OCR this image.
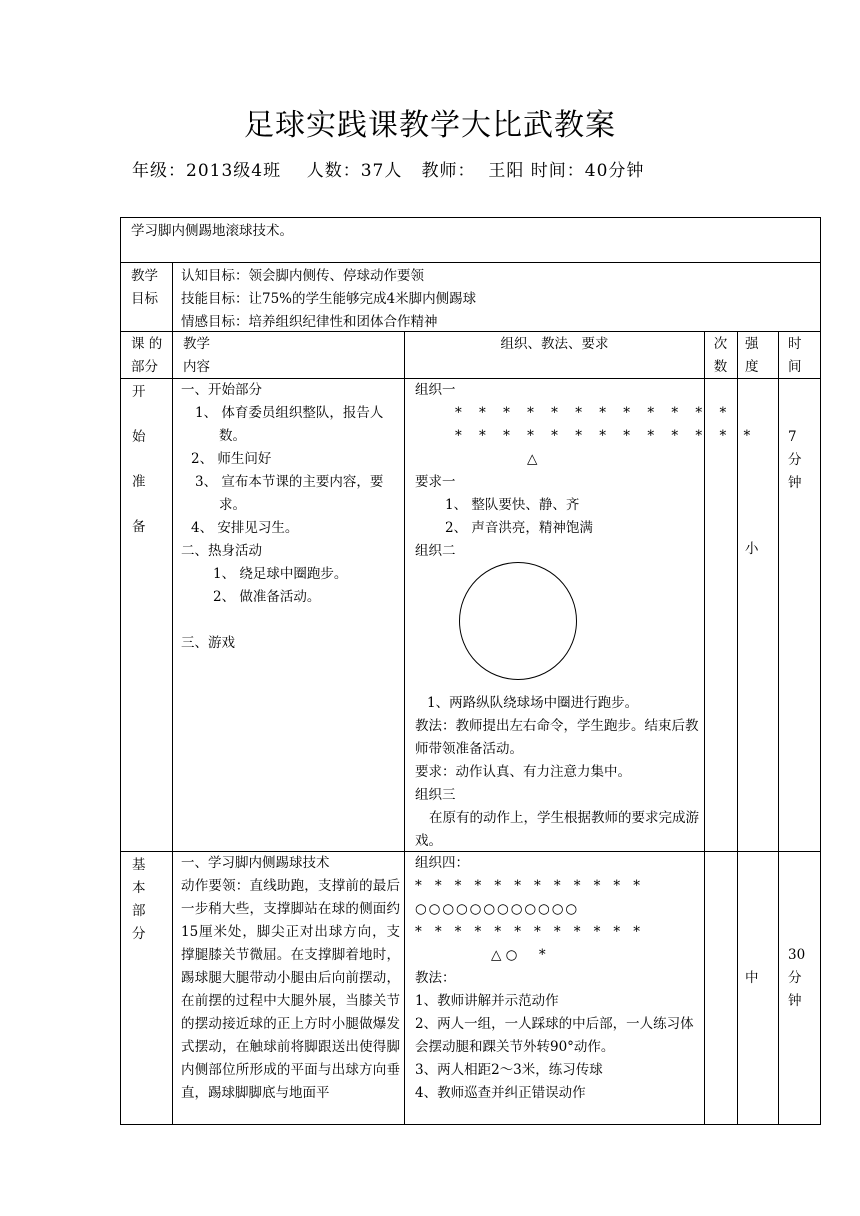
足球实践课教学大比武教案
年级：2013级4班    人数：37人   教师：  王阳 时间：40分钟
学习脚内侧踢地滚球技术。
教学
目标
认知目标：领会脚内侧传、停球动作要领
技能目标：让75%的学生能够完成4米脚内侧踢球
情感目标：培养组织纪律性和团体合作精神
课 的
部分
教学
内容
组织、教法、要求	次
数
强
度
时
间
开
始
准
备
一、开始部分
1、 体育委员组织整队，报告人数。
2、 师生问好
3、 宣布本节课的主要内容，要求。
4、 安排见习生。
二、热身活动
1、 绕足球中圈跑步。
2、 做准备活动。
三、游戏
组织一
* * * * * * * * * * * *
* * * * * * * * * * * * *
△
要求一
1、 整队要快、静、齐
2、 声音洪亮，精神饱满
组织二
1、两路纵队绕球场中圈进行跑步。
教法：教师提出左右命令，学生跑步。结束后教师带领准备活动。
要求：动作认真、有力注意力集中。
组织三
在原有的动作上，学生根据教师的要求完成游戏。
小
7
分
钟
基
本
部
分
一、学习脚内侧踢球技术
动作要领：直线助跑，支撑前的最后一步稍大些，支撑脚站在球的侧面约15厘米处，脚尖正对出球方向，支撑腿膝关节微屈。在支撑脚着地时，踢球腿大腿带动小腿由后向前摆动，在前摆的过程中大腿外展，当膝关节的摆动接近球的正上方时小腿做爆发式摆动，在触球前将脚跟送出使得脚内侧部位所形成的平面与出球方向垂直，踢球脚脚底与地面平
组织四：
* * * * * * * * * * * *
○ ○ ○ ○ ○ ○ ○ ○ ○ ○ ○ ○
* * * * * * * * * * * *
△ ○     *
教法：
1、教师讲解并示范动作
2、两人一组，一人踩球的中后部，一人练习体会摆动腿和踝关节外转90°动作。
3、两人相距2～3米，练习传球
4、教师巡查并纠正错误动作
中
30
分
钟
